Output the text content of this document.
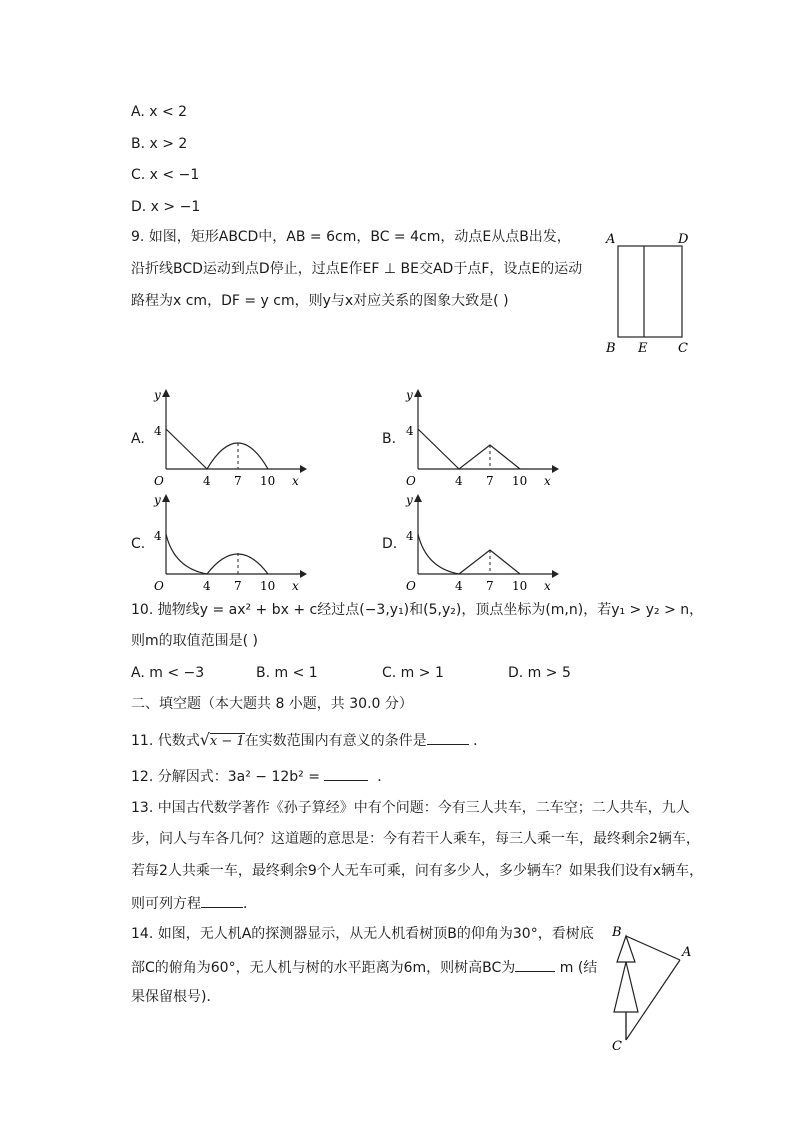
A. x < 2
B. x > 2
C. x < −1
D. x > −1
9. 如图，矩形ABCD中，AB = 6cm，BC = 4cm，动点E从点B出发，
沿折线BCD运动到点D停止，过点E作EF ⊥ BE交AD于点F，设点E的运动
路程为x cm，DF = y cm，则y与x对应关系的图象大致是( )
A	D
B E C
A.
y
4
O	4 7 10 x
B.
y
4
O	4 7 10 x
C.
y
4
O	4 7 10 x
D.
y
4
O	4 7 10 x
10. 抛物线y = ax² + bx + c经过点(−3,y₁)和(5,y₂)，顶点坐标为(m,n)，若y₁ > y₂ > n，
则m的取值范围是( )
A. m < −3	B. m < 1	C. m > 1	D. m > 5
二、填空题（本大题共 8 小题，共 30.0 分）
11. 代数式√x − 1在实数范围内有意义的条件是	．
12. 分解因式：3a² − 12b² =	．
13. 中国古代数学著作《孙子算经》中有个问题：今有三人共车，二车空；二人共车，九人
步，问人与车各几何？这道题的意思是：今有若干人乘车，每三人乘一车，最终剩余2辆车，
若每2人共乘一车，最终剩余9个人无车可乘，问有多少人，多少辆车？如果我们设有x辆车，
则可列方程	．
14. 如图，无人机A的探测器显示，从无人机看树顶B的仰角为30°，看树底
部C的俯角为60°，无人机与树的水平距离为6m，则树高BC为	m (结
果保留根号)．
B
A
C
